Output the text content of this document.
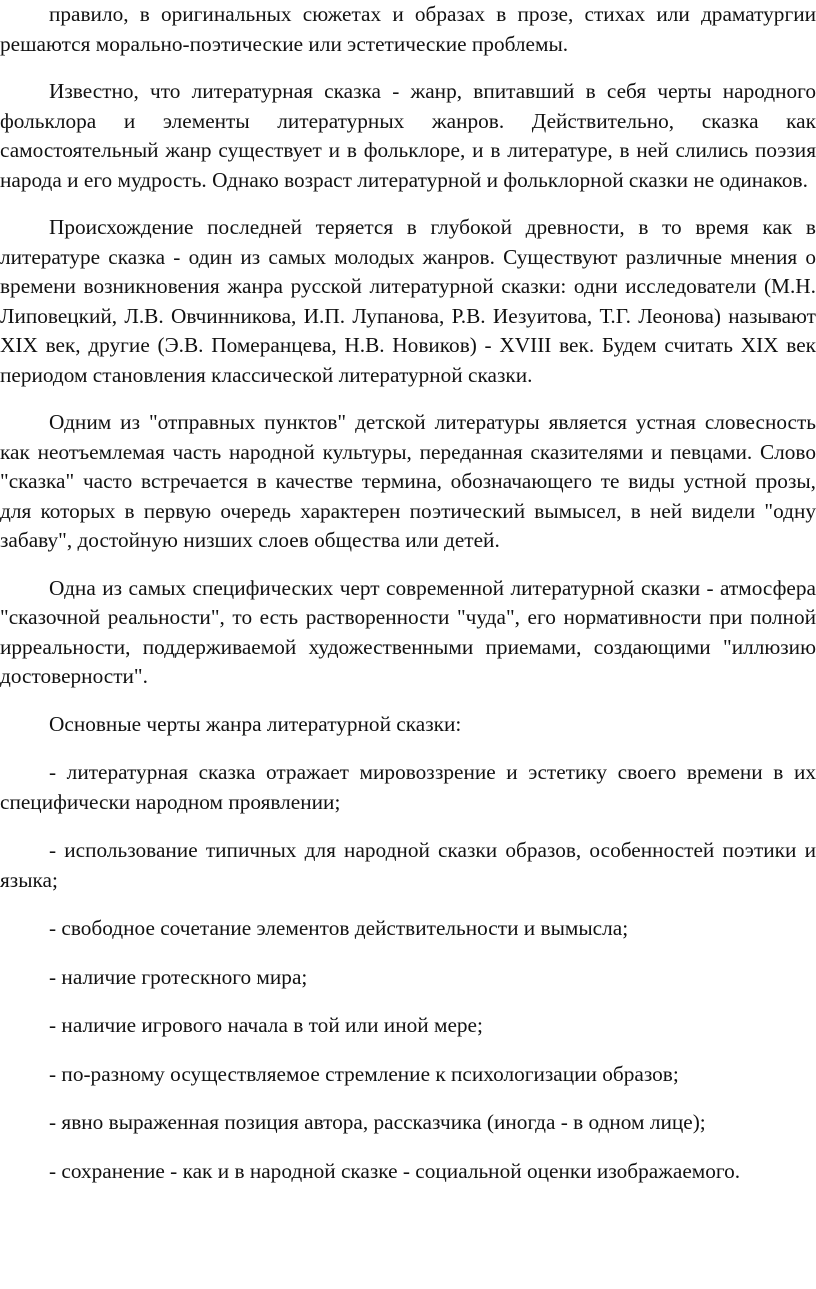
правило, в оригинальных сюжетах и образах в прозе, стихах или драматургии решаются морально-поэтические или эстетические проблемы.

Известно, что литературная сказка - жанр, впитавший в себя черты народного фольклора и элементы литературных жанров. Действительно, сказка как самостоятельный жанр существует и в фольклоре, и в литературе, в ней слились поэзия народа и его мудрость. Однако возраст литературной и фольклорной сказки не одинаков.

Происхождение последней теряется в глубокой древности, в то время как в литературе сказка - один из самых молодых жанров. Существуют различные мнения о времени возникновения жанра русской литературной сказки: одни исследователи (М.Н. Липовецкий, Л.В. Овчинникова, И.П. Лупанова, Р.В. Иезуитова, Т.Г. Леонова) называют XIX век, другие (Э.В. Померанцева, Н.В. Новиков) - XVIII век. Будем считать XIX век периодом становления классической литературной сказки.

Одним из "отправных пунктов" детской литературы является устная словесность как неотъемлемая часть народной культуры, переданная сказителями и певцами. Слово "сказка" часто встречается в качестве термина, обозначающего те виды устной прозы, для которых в первую очередь характерен поэтический вымысел, в ней видели "одну забаву", достойную низших слоев общества или детей.

Одна из самых специфических черт современной литературной сказки - атмосфера "сказочной реальности", то есть растворенности "чуда", его нормативности при полной ирреальности, поддерживаемой художественными приемами, создающими "иллюзию достоверности".

Основные черты жанра литературной сказки:

- литературная сказка отражает мировоззрение и эстетику своего времени в их специфически народном проявлении;

- использование типичных для народной сказки образов, особенностей поэтики и языка;

- свободное сочетание элементов действительности и вымысла;

- наличие гротескного мира;

- наличие игрового начала в той или иной мере;

- по-разному осуществляемое стремление к психологизации образов;

- явно выраженная позиция автора, рассказчика (иногда - в одном лице);

- сохранение - как и в народной сказке - социальной оценки изображаемого.
